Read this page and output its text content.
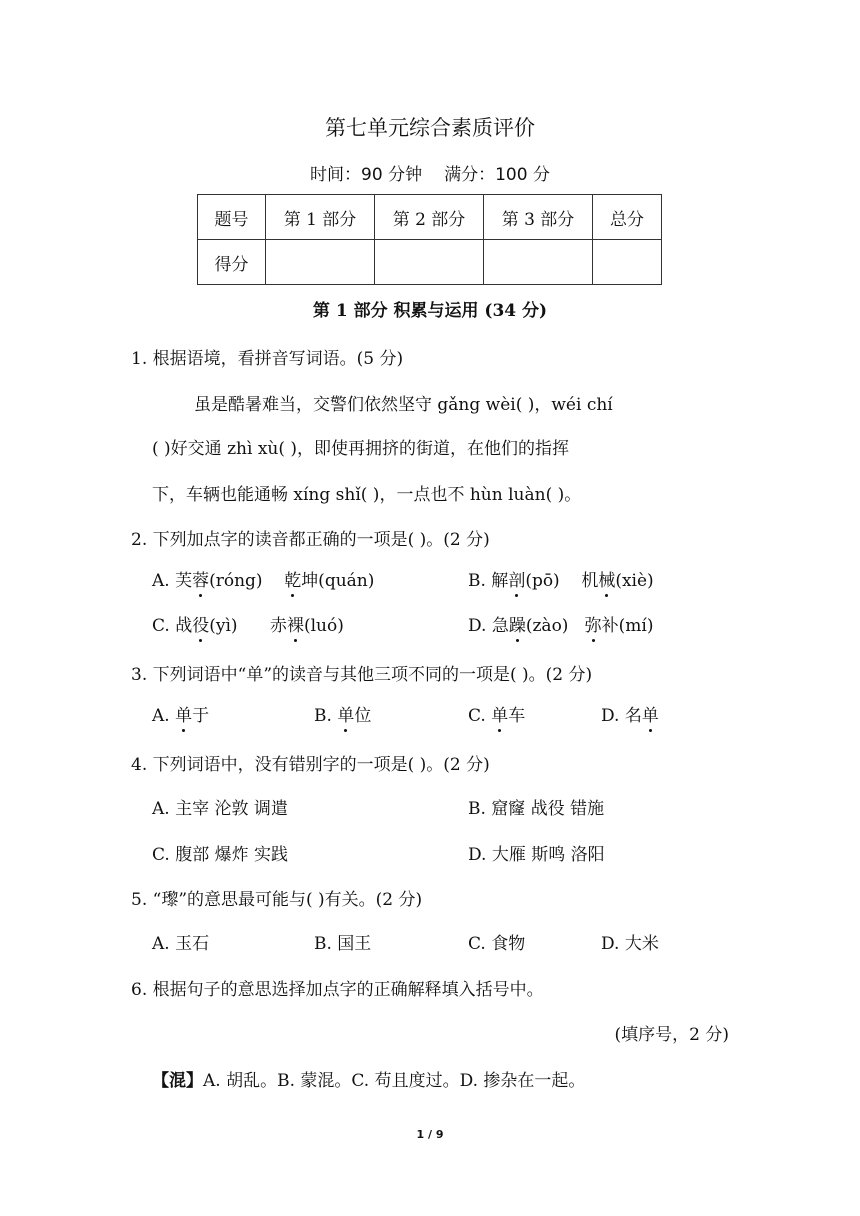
第七单元综合素质评价
时间：90 分钟 满分：100 分
题号	第 1 部分	第 2 部分	第 3 部分	总分
得分				
第 1 部分 积累与运用 (34 分)
1. 根据语境，看拼音写词语。(5 分)
虽是酷暑难当，交警们依然坚守 gǎng wèi( )，wéi chí
( )好交通 zhì xù( )，即使再拥挤的街道，在他们的指挥
下，车辆也能通畅 xíng shǐ( )，一点也不 hùn luàn( )。
2. 下列加点字的读音都正确的一项是( )。(2 分)
A. 芙蓉(róng) 乾坤(quán)	B. 解剖(pō) 机械(xiè)
C. 战役(yì) 赤裸(luó)	D. 急躁(zào) 弥补(mí)
3. 下列词语中“单”的读音与其他三项不同的一项是( )。(2 分)
A. 单于	B. 单位	C. 单车	D. 名单
4. 下列词语中，没有错别字的一项是( )。(2 分)
A. 主宰 沦敦 调遣	B. 窟窿 战役 错施
C. 腹部 爆炸 实践	D. 大雁 斯鸣 洛阳
5. “瓈”的意思最可能与( )有关。(2 分)
A. 玉石	B. 国王	C. 食物	D. 大米
6. 根据句子的意思选择加点字的正确解释填入括号中。
(填序号，2 分)
【混】A. 胡乱。B. 蒙混。C. 苟且度过。D. 掺杂在一起。
1 / 9
